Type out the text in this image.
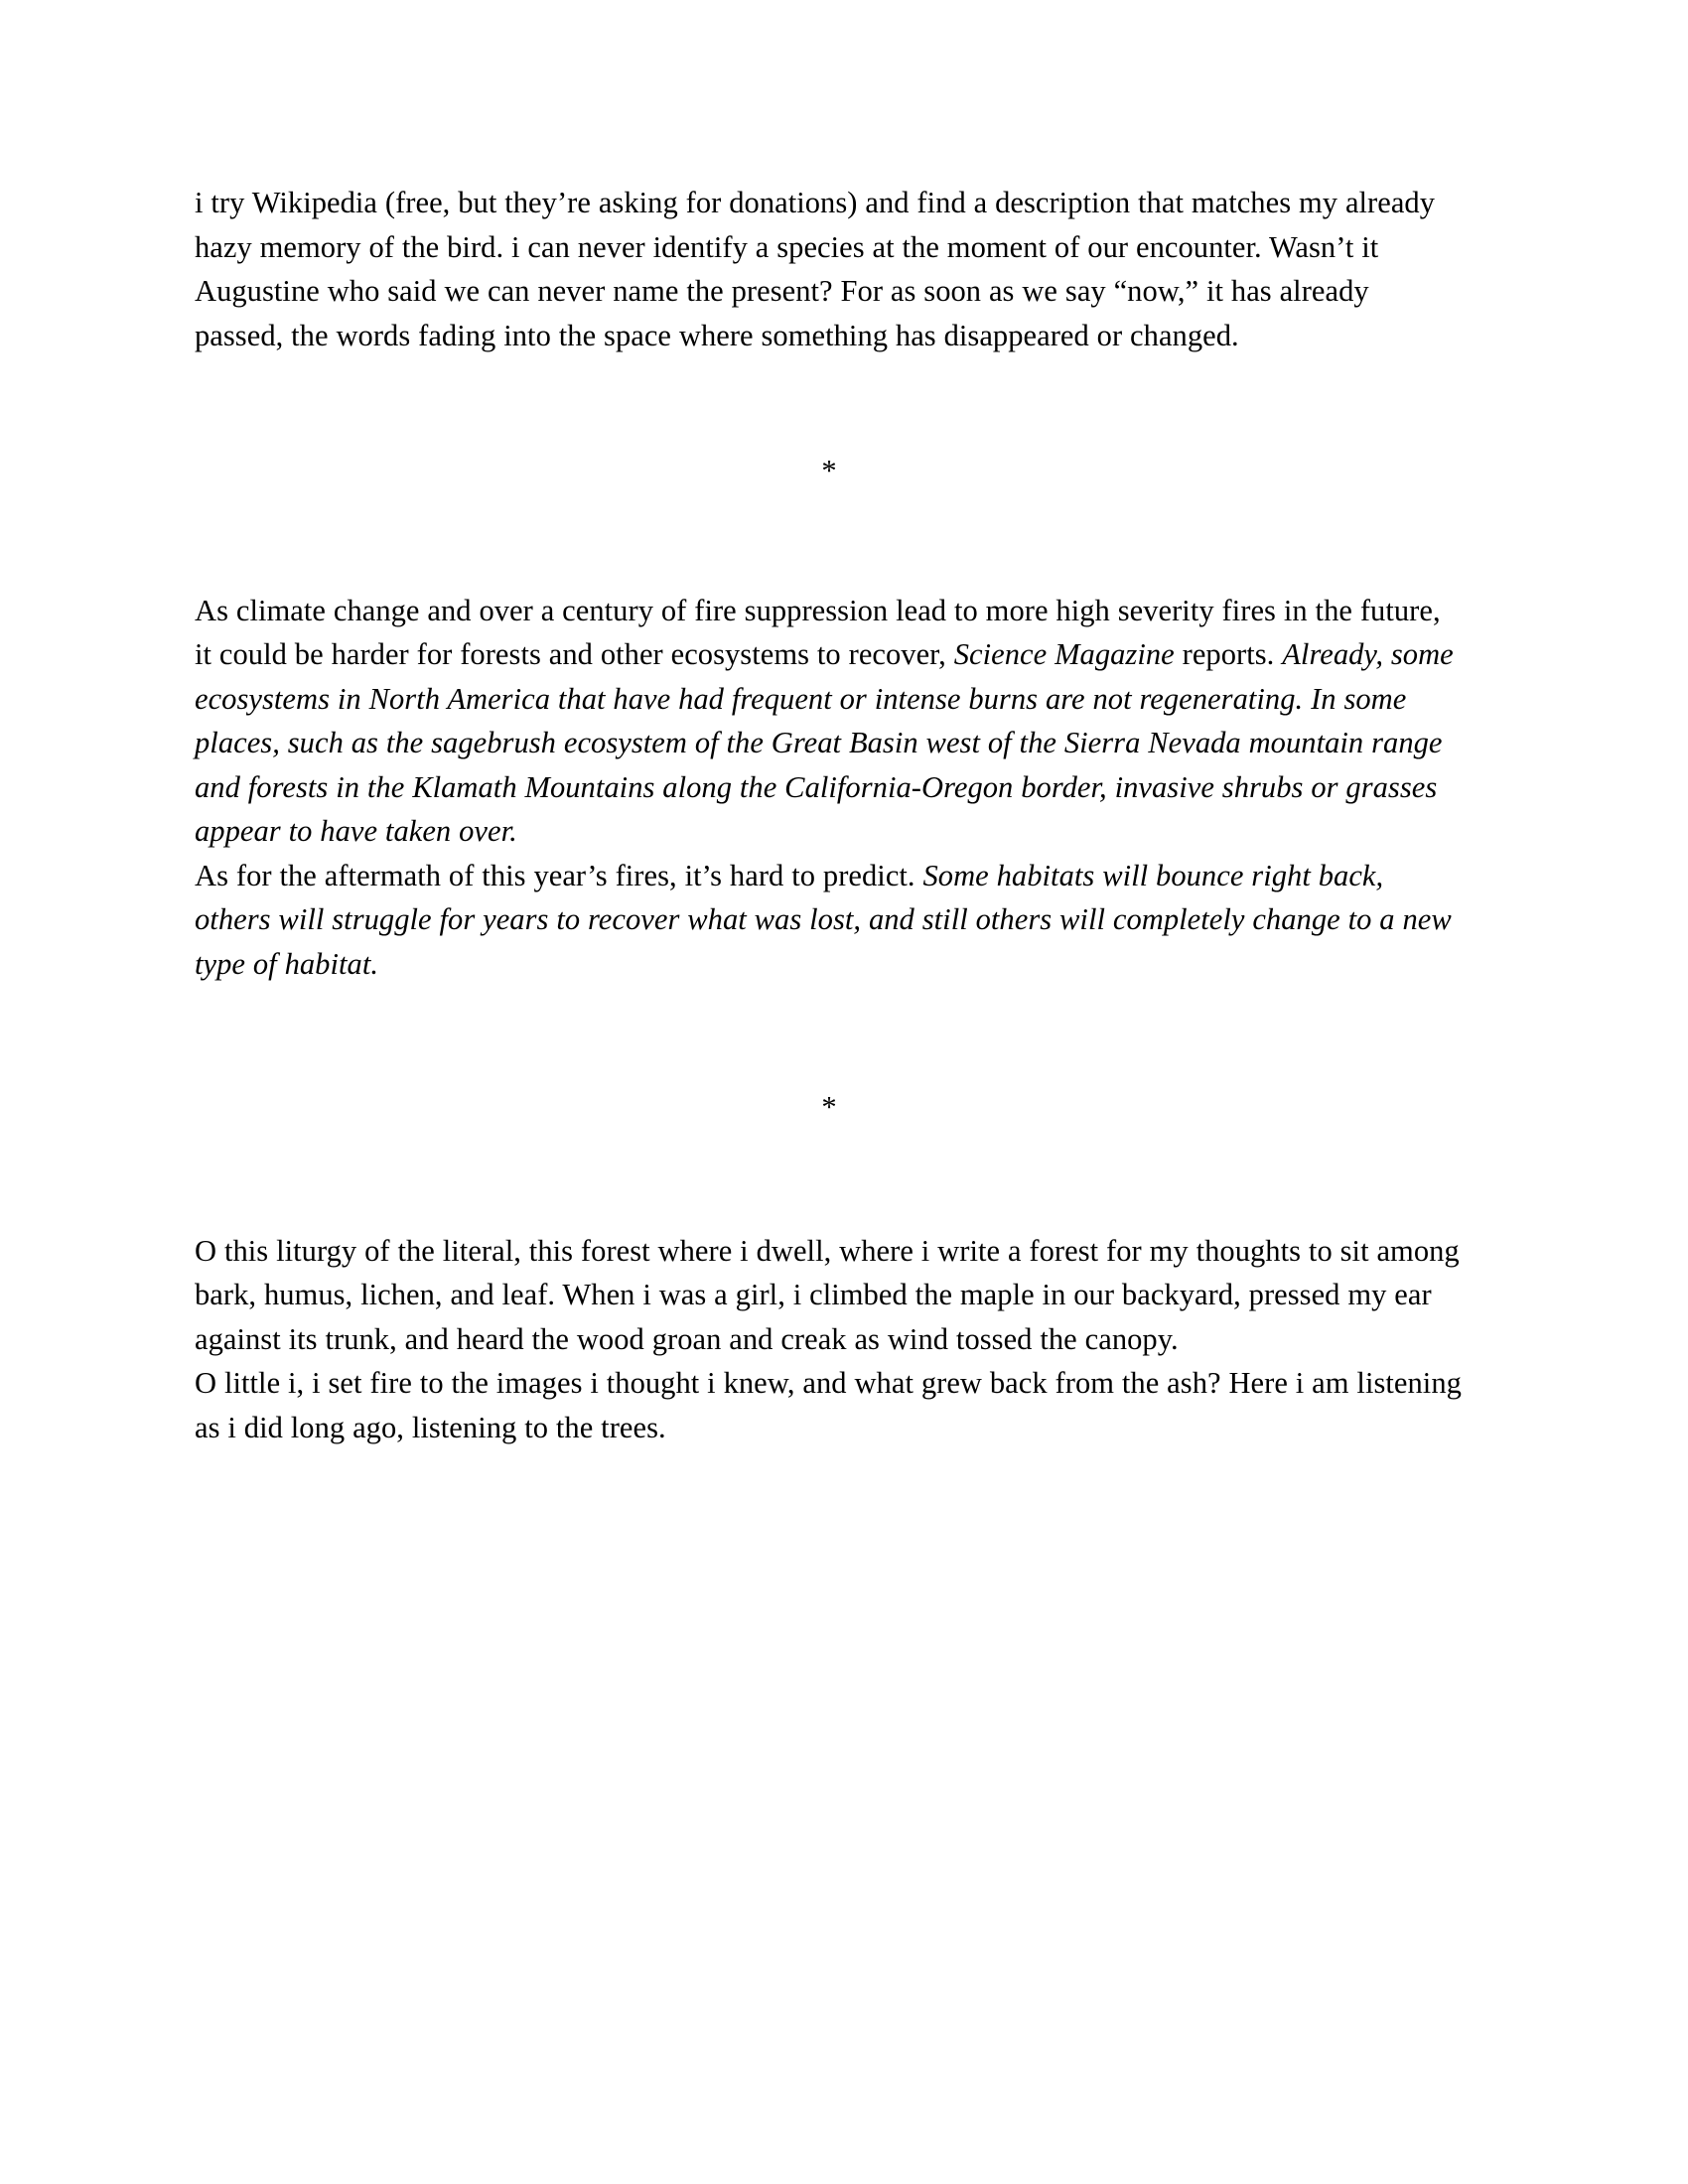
i try Wikipedia (free, but they’re asking for donations) and find a description that matches my already hazy memory of the bird. i can never identify a species at the moment of our encounter. Wasn’t it Augustine who said we can never name the present? For as soon as we say “now,” it has already passed, the words fading into the space where something has disappeared or changed.

*

As climate change and over a century of fire suppression lead to more high severity fires in the future, it could be harder for forests and other ecosystems to recover, Science Magazine reports. Already, some ecosystems in North America that have had frequent or intense burns are not regenerating. In some places, such as the sagebrush ecosystem of the Great Basin west of the Sierra Nevada mountain range and forests in the Klamath Mountains along the California-Oregon border, invasive shrubs or grasses appear to have taken over.

As for the aftermath of this year’s fires, it’s hard to predict. Some habitats will bounce right back, others will struggle for years to recover what was lost, and still others will completely change to a new type of habitat.

*

O this liturgy of the literal, this forest where i dwell, where i write a forest for my thoughts to sit among bark, humus, lichen, and leaf. When i was a girl, i climbed the maple in our backyard, pressed my ear against its trunk, and heard the wood groan and creak as wind tossed the canopy.

O little i, i set fire to the images i thought i knew, and what grew back from the ash? Here i am listening as i did long ago, listening to the trees.
